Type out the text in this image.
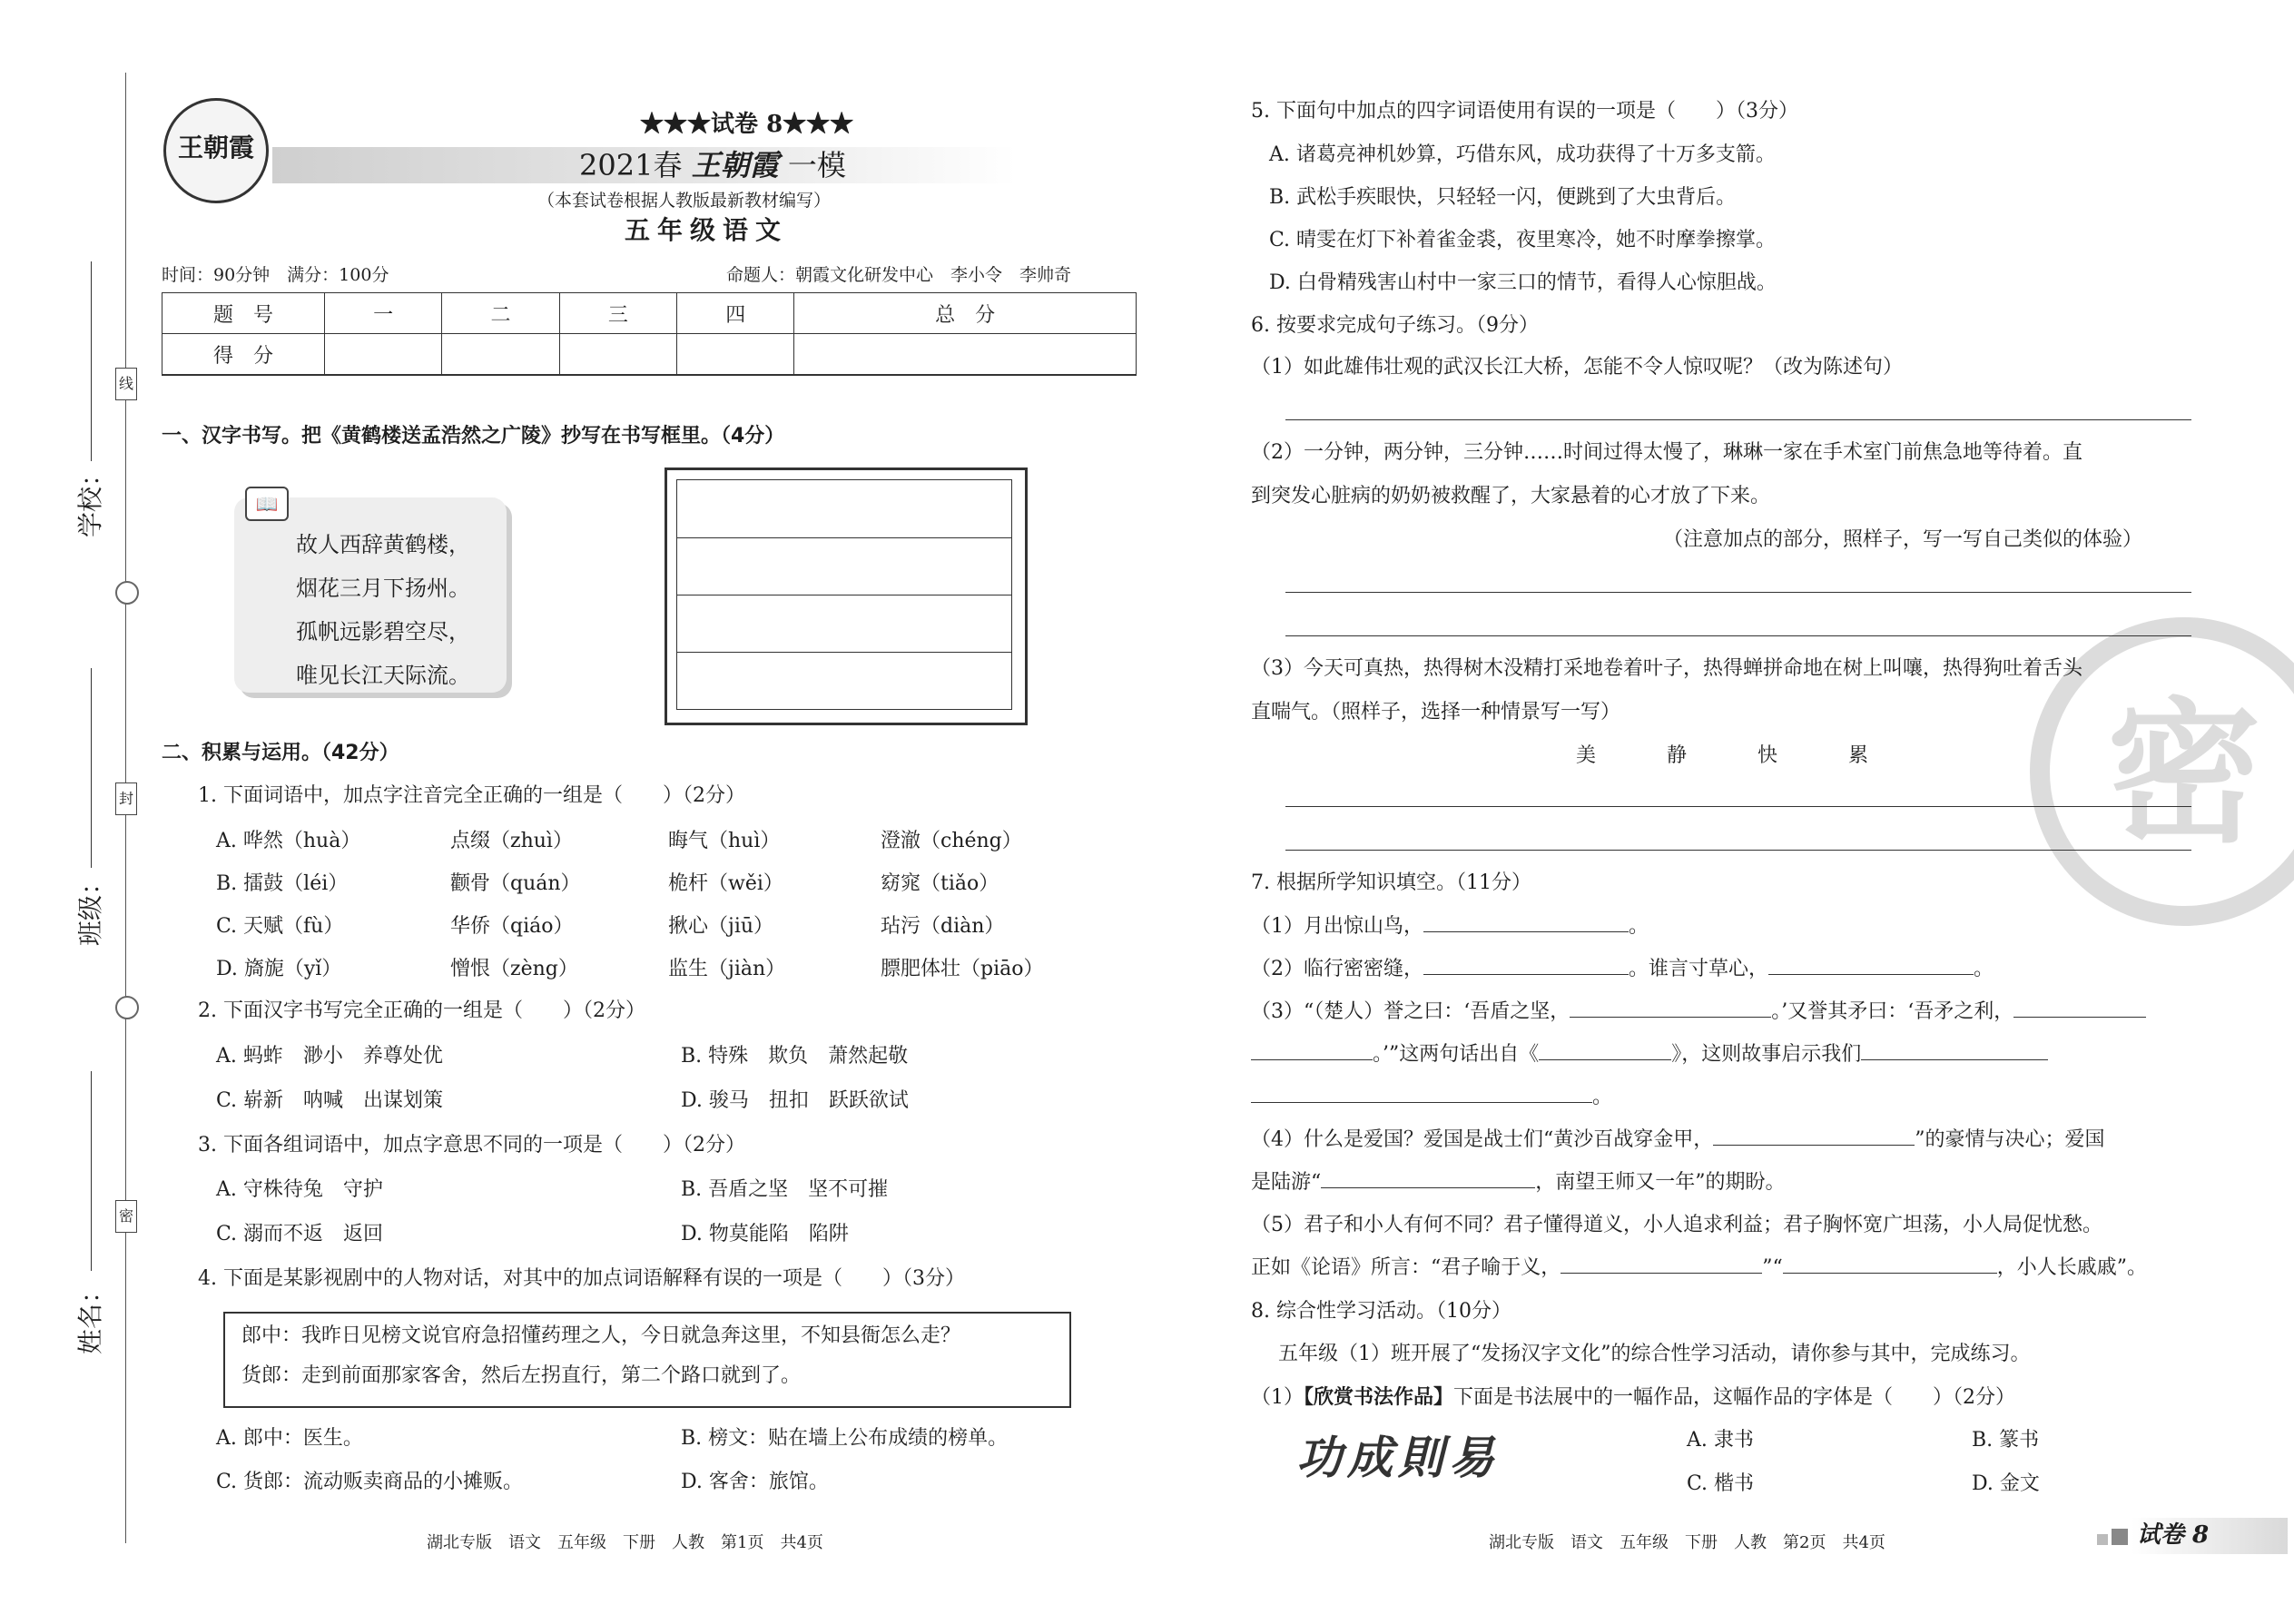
线
封
密
学校：
班级：
姓名：
王朝霞
★★★试卷 8★★★
2021春 王朝霞 一模
（本套试卷根据人教版最新教材编写）
五年级语文
时间：90分钟　满分：100分	命题人：朝霞文化研发中心　李小令　李帅奇
题　号	一	二	三	四	总　分
得　分					
一、汉字书写。把《黄鹤楼送孟浩然之广陵》抄写在书写框里。（4分）
📖
故人西辞黄鹤楼，
烟花三月下扬州。
孤帆远影碧空尽，
唯见长江天际流。
二、积累与运用。（42分）
1. 下面词语中，加点字注音完全正确的一组是（　　）（2分）
A. 哗然（huà）	点缀（zhuì）	晦气（huì）	澄澈（chéng）
B. 擂鼓（léi）	颧骨（quán）	桅杆（wěi）	窈窕（tiǎo）
C. 天赋（fù）	华侨（qiáo）	揪心（jiū）	玷污（diàn）
D. 旖旎（yǐ）	憎恨（zèng）	监生（jiàn）	膘肥体壮（piāo）
2. 下面汉字书写完全正确的一组是（　　）（2分）
A. 蚂蚱　渺小　养尊处优	B. 特殊　欺负　萧然起敬
C. 崭新　呐喊　出谋划策	D. 骏马　扭扣　跃跃欲试
3. 下面各组词语中，加点字意思不同的一项是（　　）（2分）
A. 守株待兔　守护	B. 吾盾之坚　坚不可摧
C. 溺而不返　返回	D. 物莫能陷　陷阱
4. 下面是某影视剧中的人物对话，对其中的加点词语解释有误的一项是（　　）（3分）
郎中：我昨日见榜文说官府急招懂药理之人，今日就急奔这里，不知县衙怎么走？
货郎：走到前面那家客舍，然后左拐直行，第二个路口就到了。
A. 郎中：医生。	B. 榜文：贴在墙上公布成绩的榜单。
C. 货郎：流动贩卖商品的小摊贩。	D. 客舍：旅馆。
湖北专版　语文　五年级　下册　人教　第1页　共4页
密
5. 下面句中加点的四字词语使用有误的一项是（　　）（3分）
A. 诸葛亮神机妙算，巧借东风，成功获得了十万多支箭。
B. 武松手疾眼快，只轻轻一闪，便跳到了大虫背后。
C. 晴雯在灯下补着雀金裘，夜里寒冷，她不时摩拳擦掌。
D. 白骨精残害山村中一家三口的情节，看得人心惊胆战。
6. 按要求完成句子练习。（9分）
（1）如此雄伟壮观的武汉长江大桥，怎能不令人惊叹呢？（改为陈述句）
（2）一分钟，两分钟，三分钟……时间过得太慢了，琳琳一家在手术室门前焦急地等待着。直
到突发心脏病的奶奶被救醒了，大家悬着的心才放了下来。
（注意加点的部分，照样子，写一写自己类似的体验）
（3）今天可真热，热得树木没精打采地卷着叶子，热得蝉拼命地在树上叫嚷，热得狗吐着舌头
直喘气。（照样子，选择一种情景写一写）
美	静	快	累
7. 根据所学知识填空。（11分）
（1）月出惊山鸟，	。
（2）临行密密缝，	。谁言寸草心，	。
（3）“（楚人）誉之曰：‘吾盾之坚，	。’又誉其矛曰：‘吾矛之利，
。’”这两句话出自《	》，这则故事启示我们
。
（4）什么是爱国？爱国是战士们“黄沙百战穿金甲，	”的豪情与决心；爱国
是陆游“	，南望王师又一年”的期盼。
（5）君子和小人有何不同？君子懂得道义，小人追求利益；君子胸怀宽广坦荡，小人局促忧愁。
正如《论语》所言：“君子喻于义，	”“	，小人长戚戚”。
8. 综合性学习活动。（10分）
五年级（1）班开展了“发扬汉字文化”的综合性学习活动，请你参与其中，完成练习。
（1）【欣赏书法作品】下面是书法展中的一幅作品，这幅作品的字体是（　　）（2分）
功成則易	A. 隶书	B. 篆书
C. 楷书	D. 金文
湖北专版　语文　五年级　下册　人教　第2页　共4页	试卷 8
